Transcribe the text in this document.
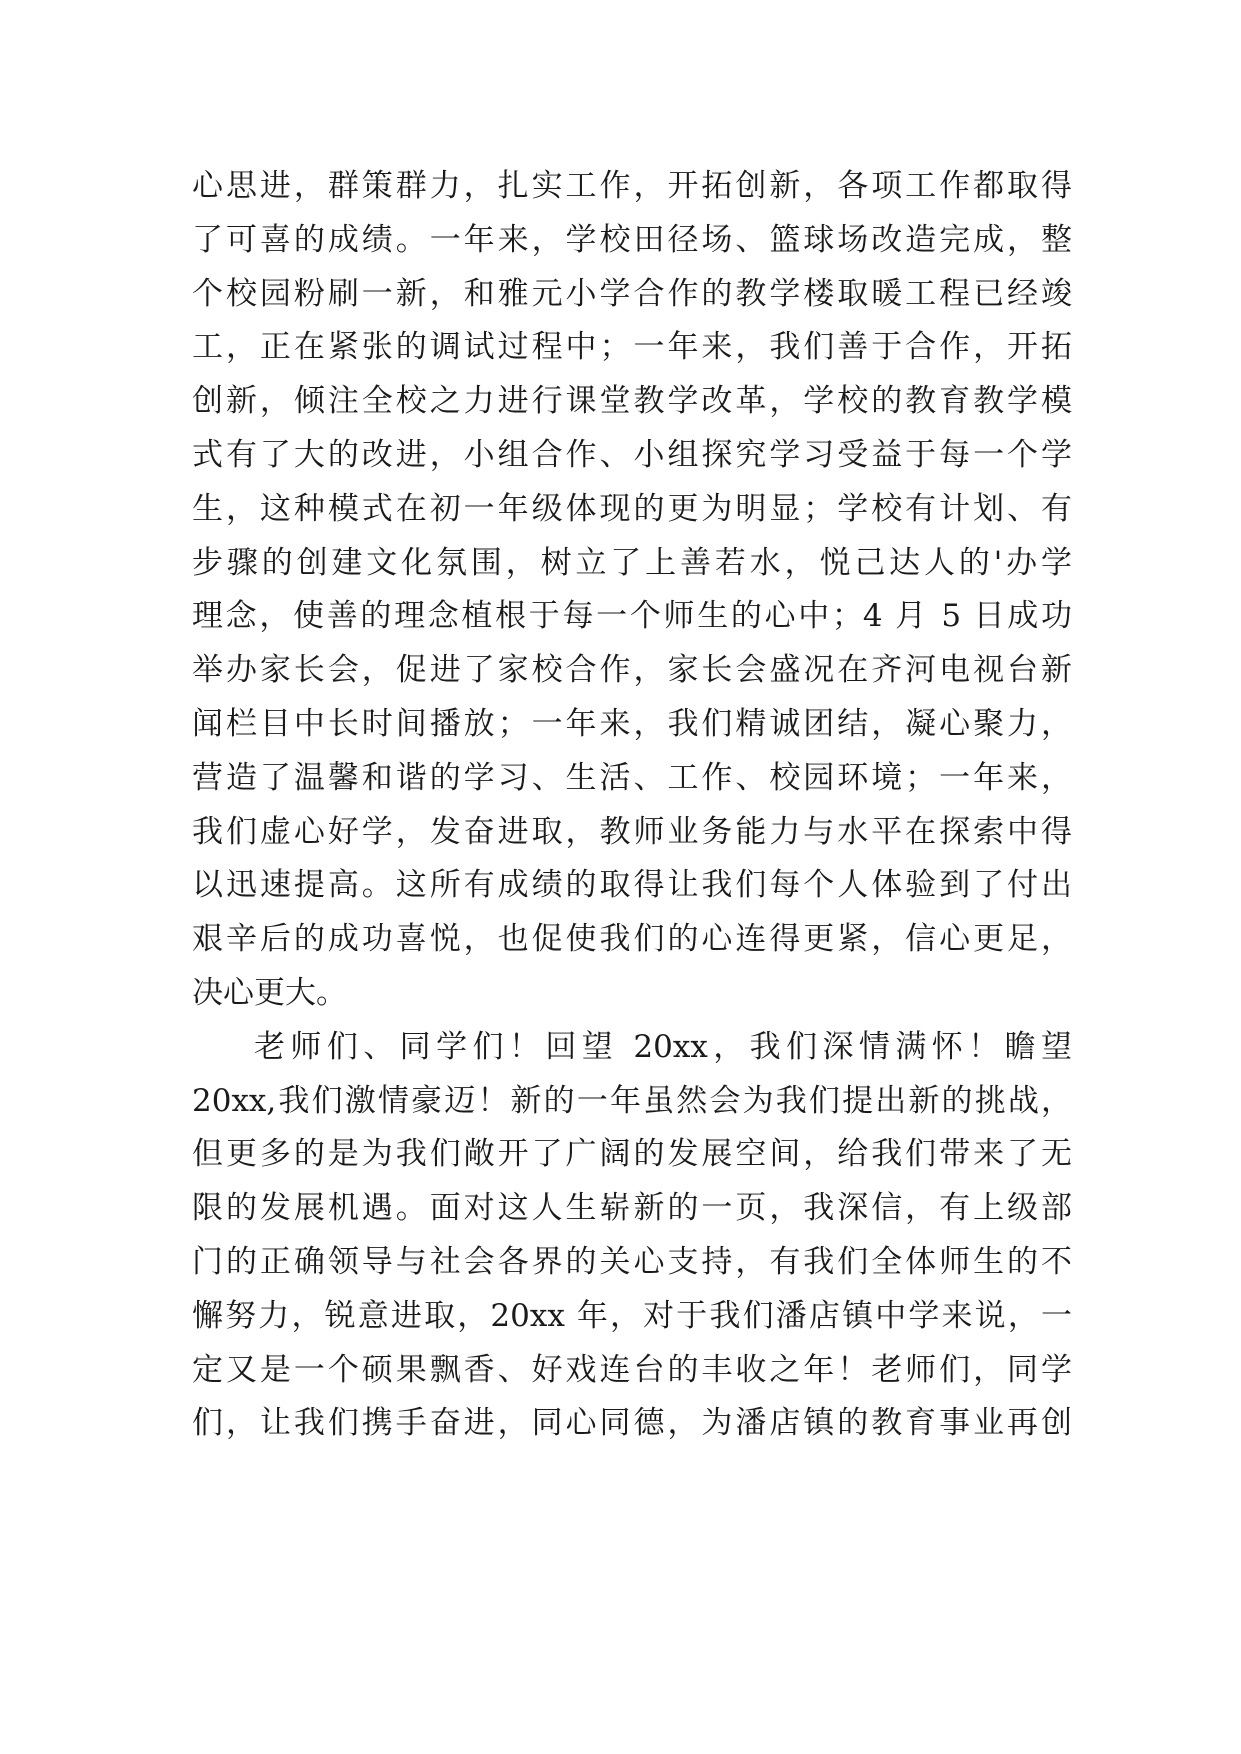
心思进，群策群力，扎实工作，开拓创新，各项工作都取得
了可喜的成绩。一年来，学校田径场、篮球场改造完成，整
个校园粉刷一新，和雅元小学合作的教学楼取暖工程已经竣
工，正在紧张的调试过程中；一年来，我们善于合作，开拓
创新，倾注全校之力进行课堂教学改革，学校的教育教学模
式有了大的改进，小组合作、小组探究学习受益于每一个学
生，这种模式在初一年级体现的更为明显；学校有计划、有
步骤的创建文化氛围，树立了上善若水，悦己达人的'办学
理念，使善的理念植根于每一个师生的心中；4 月 5 日成功
举办家长会，促进了家校合作，家长会盛况在齐河电视台新
闻栏目中长时间播放；一年来，我们精诚团结，凝心聚力，
营造了温馨和谐的学习、生活、工作、校园环境；一年来，
我们虚心好学，发奋进取，教师业务能力与水平在探索中得
以迅速提高。这所有成绩的取得让我们每个人体验到了付出
艰辛后的成功喜悦，也促使我们的心连得更紧，信心更足，
决心更大。
老师们、同学们！回望 20xx，我们深情满怀！瞻望
20xx,我们激情豪迈！新的一年虽然会为我们提出新的挑战，
但更多的是为我们敞开了广阔的发展空间，给我们带来了无
限的发展机遇。面对这人生崭新的一页，我深信，有上级部
门的正确领导与社会各界的关心支持，有我们全体师生的不
懈努力，锐意进取，20xx 年，对于我们潘店镇中学来说，一
定又是一个硕果飘香、好戏连台的丰收之年！老师们，同学
们，让我们携手奋进，同心同德，为潘店镇的教育事业再创
